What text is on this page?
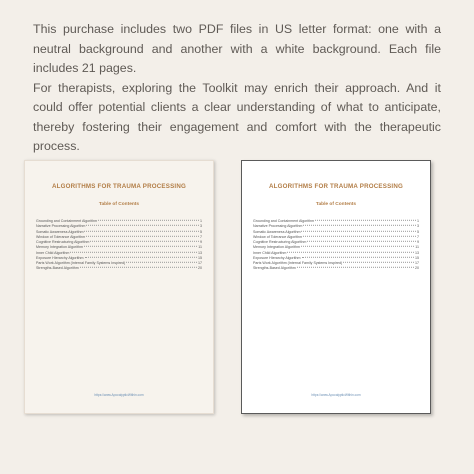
This purchase includes two PDF files in US letter format: one with a neutral background and another with a white background. Each file includes 21 pages.

For therapists, exploring the Toolkit may enrich their approach. And it could offer potential clients a clear understanding of what to anticipate, thereby fostering their engagement and comfort with the therapeutic process.

ALGORITHMS FOR TRAUMA PROCESSING
Table of Contents
Grounding and Containment Algorithm	1
Narrative Processing Algorithm	3
Somatic Awareness Algorithm	5
Window of Tolerance Algorithm	7
Cognitive Restructuring Algorithm	9
Memory Integration Algorithm	11
Inner Child Algorithm	13
Exposure Hierarchy Algorithm	15
Parts Work Algorithm (Internal Family Systems Inspired)	17
Strengths-Based Algorithm	20
https://www.ApocalypticWithin.com
ALGORITHMS FOR TRAUMA PROCESSING
Table of Contents
Grounding and Containment Algorithm	1
Narrative Processing Algorithm	3
Somatic Awareness Algorithm	5
Window of Tolerance Algorithm	7
Cognitive Restructuring Algorithm	9
Memory Integration Algorithm	11
Inner Child Algorithm	13
Exposure Hierarchy Algorithm	15
Parts Work Algorithm (Internal Family Systems Inspired)	17
Strengths-Based Algorithm	20
https://www.ApocalypticWithin.com
